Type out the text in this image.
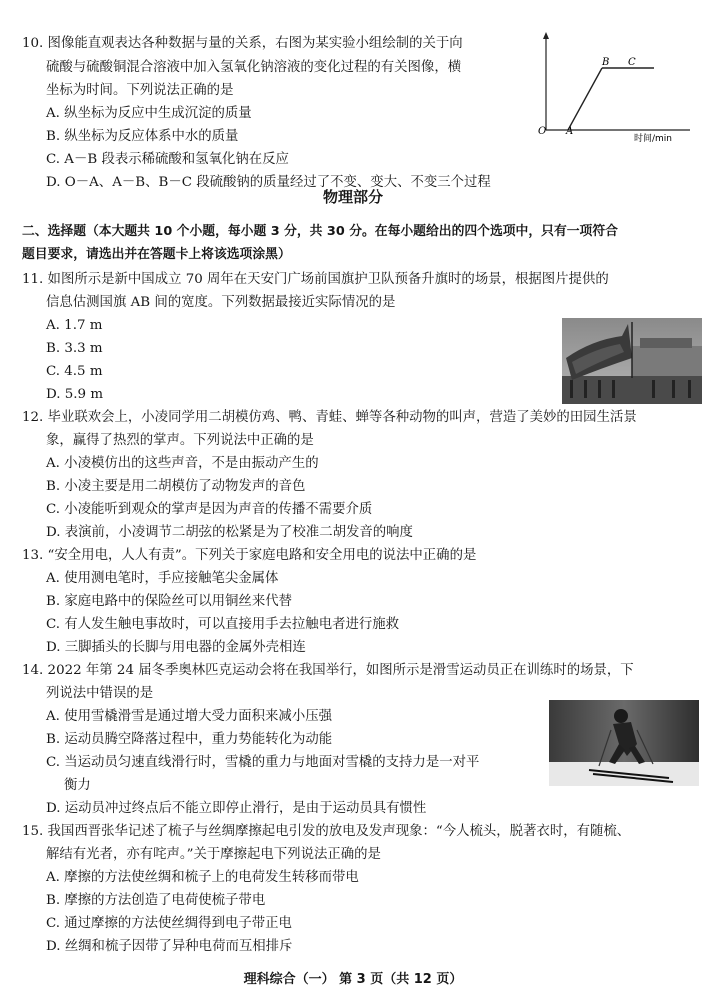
10. 图像能直观表达各种数据与量的关系，右图为某实验小组绘制的关于向
硫酸与硫酸铜混合溶液中加入氢氧化钠溶液的变化过程的有关图像，横
坐标为时间。下列说法正确的是
A. 纵坐标为反应中生成沉淀的质量
B. 纵坐标为反应体系中水的质量
C. A－B 段表示稀硫酸和氢氧化钠在反应
D. O－A、A－B、B－C 段硫酸钠的质量经过了不变、变大、不变三个过程
O A
B C
时间/min
物理部分
二、选择题（本大题共 10 个小题，每小题 3 分，共 30 分。在每小题给出的四个选项中，只有一项符合
题目要求，请选出并在答题卡上将该选项涂黑）
11. 如图所示是新中国成立 70 周年在天安门广场前国旗护卫队预备升旗时的场景，根据图片提供的
信息估测国旗 AB 间的宽度。下列数据最接近实际情况的是
A. 1.7 m
B. 3.3 m
C. 4.5 m
D. 5.9 m
12. 毕业联欢会上，小凌同学用二胡模仿鸡、鸭、青蛙、蝉等各种动物的叫声，营造了美妙的田园生活景
象，赢得了热烈的掌声。下列说法中正确的是
A. 小凌模仿出的这些声音，不是由振动产生的
B. 小凌主要是用二胡模仿了动物发声的音色
C. 小凌能听到观众的掌声是因为声音的传播不需要介质
D. 表演前，小凌调节二胡弦的松紧是为了校准二胡发音的响度
13. “安全用电，人人有责”。下列关于家庭电路和安全用电的说法中正确的是
A. 使用测电笔时，手应接触笔尖金属体
B. 家庭电路中的保险丝可以用铜丝来代替
C. 有人发生触电事故时，可以直接用手去拉触电者进行施救
D. 三脚插头的长脚与用电器的金属外壳相连
14. 2022 年第 24 届冬季奥林匹克运动会将在我国举行，如图所示是滑雪运动员正在训练时的场景，下
列说法中错误的是
A. 使用雪橇滑雪是通过增大受力面积来减小压强
B. 运动员腾空降落过程中，重力势能转化为动能
C. 当运动员匀速直线滑行时，雪橇的重力与地面对雪橇的支持力是一对平
衡力
D. 运动员冲过终点后不能立即停止滑行，是由于运动员具有惯性
15. 我国西晋张华记述了梳子与丝绸摩擦起电引发的放电及发声现象：“今人梳头，脱著衣时，有随梳、
解结有光者，亦有咤声。”关于摩擦起电下列说法正确的是
A. 摩擦的方法使丝绸和梳子上的电荷发生转移而带电
B. 摩擦的方法创造了电荷使梳子带电
C. 通过摩擦的方法使丝绸得到电子带正电
D. 丝绸和梳子因带了异种电荷而互相排斥
理科综合（一） 第 3 页（共 12 页）
